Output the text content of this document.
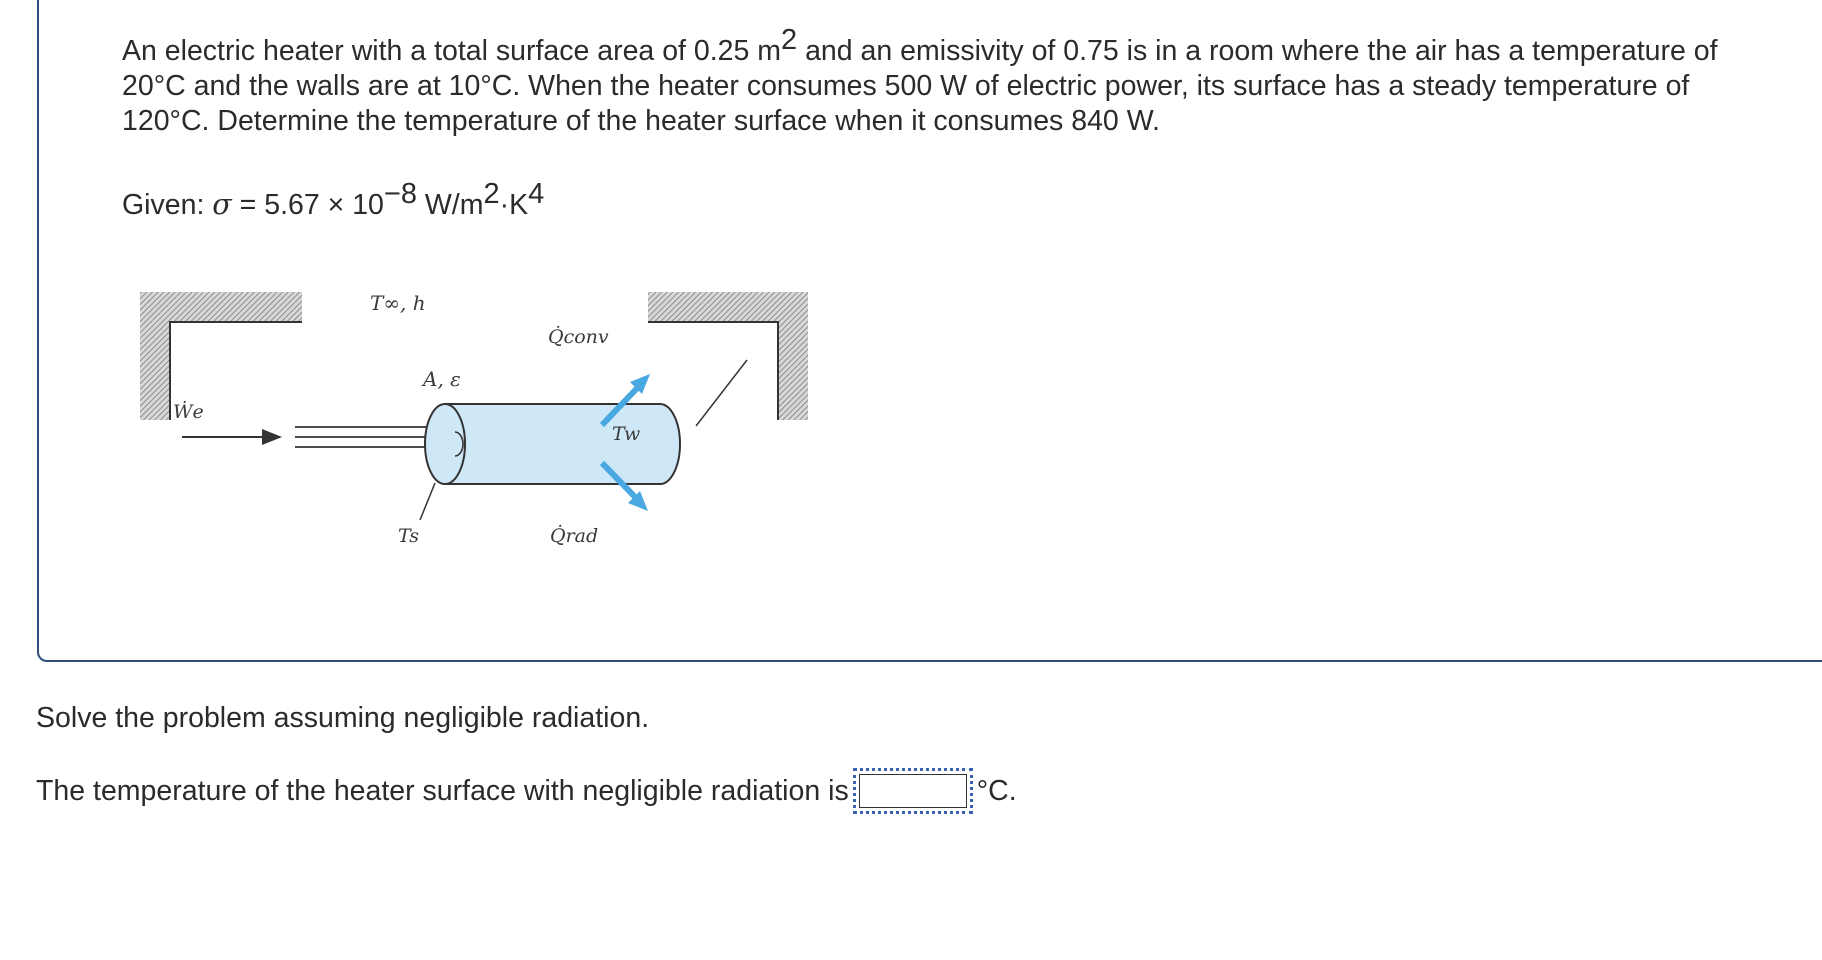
An electric heater with a total surface area of 0.25 $m^2$ and an emissivity of 0.75 is in a room where the air has a temperature of 20°C and the walls are at 10°C. When the heater consumes 500 W of electric power, its surface has a steady temperature of 120°C. Determine the temperature of the heater surface when it consumes 840 W.

Given: $\sigma = 5.67 \times 10^{-8}$ $W/m^2\cdot K^4$

T∞, h
A, ε
Q̇conv
Ẇe
Tw
Ts	Q̇rad

Solve the problem assuming negligible radiation.

The temperature of the heater surface with negligible radiation is	°C.
